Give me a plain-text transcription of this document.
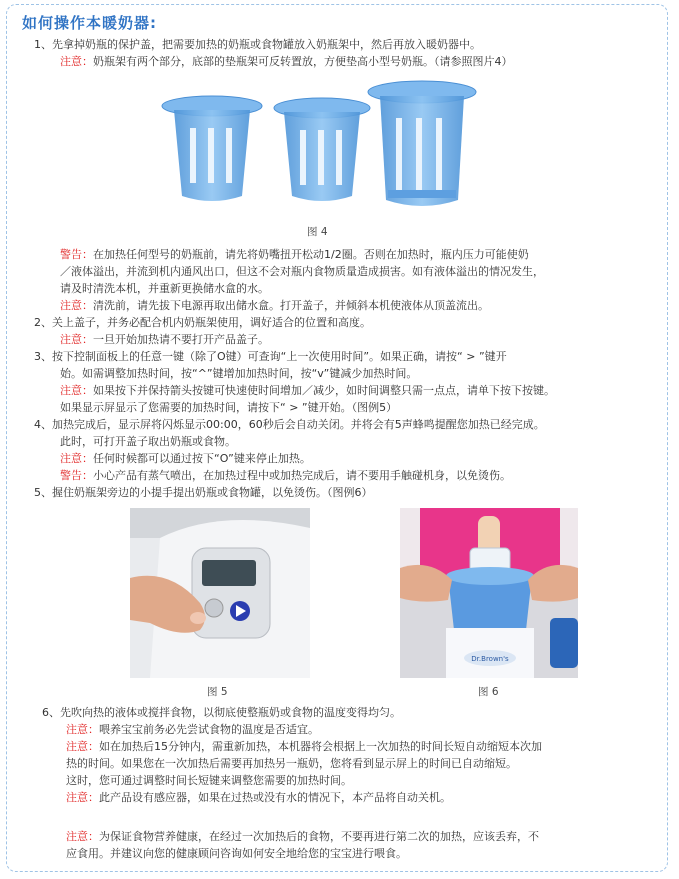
如何操作本暖奶器:
1、先拿掉奶瓶的保护盖，把需要加热的奶瓶或食物罐放入奶瓶架中，然后再放入暖奶器中。
注意：奶瓶架有两个部分，底部的垫瓶架可反转置放，方便垫高小型号奶瓶。（请参照图片4）
图 4
警告：在加热任何型号的奶瓶前，请先将奶嘴扭开松动1/2圈。否则在加热时，瓶内压力可能使奶
／液体溢出，并流到机内通风出口，但这不会对瓶内食物质量造成损害。如有液体溢出的情况发生，
请及时清洗本机，并重新更换储水盒的水。
注意：清洗前，请先拔下电源再取出储水盒。打开盖子，并倾斜本机使液体从顶盖流出。
2、关上盖子，并务必配合机内奶瓶架使用，调好适合的位置和高度。
注意：一旦开始加热请不要打开产品盖子。
3、按下控制面板上的任意一键（除了O键）可查询“上一次使用时间”。如果正确，请按“ > ”键开
始。如需调整加热时间，按“^”键增加加热时间，按“v”键减少加热时间。
注意：如果按下并保持箭头按键可快速使时间增加／减少，如时间调整只需一点点，请单下按下按键。
如果显示屏显示了您需要的加热时间，请按下“ > ”键开始。（图例5）
4、加热完成后，显示屏将闪烁显示00:00，60秒后会自动关闭。并将会有5声蜂鸣提醒您加热已经完成。
此时，可打开盖子取出奶瓶或食物。
注意：任何时候都可以通过按下“O”键来停止加热。
警告：小心产品有蒸气喷出，在加热过程中或加热完成后，请不要用手触碰机身，以免烫伤。
5、握住奶瓶架旁边的小提手提出奶瓶或食物罐，以免烫伤。（图例6）
Dr.Brown's
图 5	图 6
6、先吹向热的液体或搅拌食物，以彻底使整瓶奶或食物的温度变得均匀。
注意：喂养宝宝前务必先尝试食物的温度是否适宜。
注意：如在加热后15分钟内，需重新加热，本机器将会根据上一次加热的时间长短自动缩短本次加
热的时间。如果您在一次加热后需要再加热另一瓶奶，您将看到显示屏上的时间已自动缩短。
这时，您可通过调整时间长短键来调整您需要的加热时间。
注意：此产品设有感应器，如果在过热或没有水的情况下，本产品将自动关机。
注意：为保证食物营养健康，在经过一次加热后的食物，不要再进行第二次的加热，应该丢弃，不
应食用。并建议向您的健康顾问咨询如何安全地给您的宝宝进行喂食。
